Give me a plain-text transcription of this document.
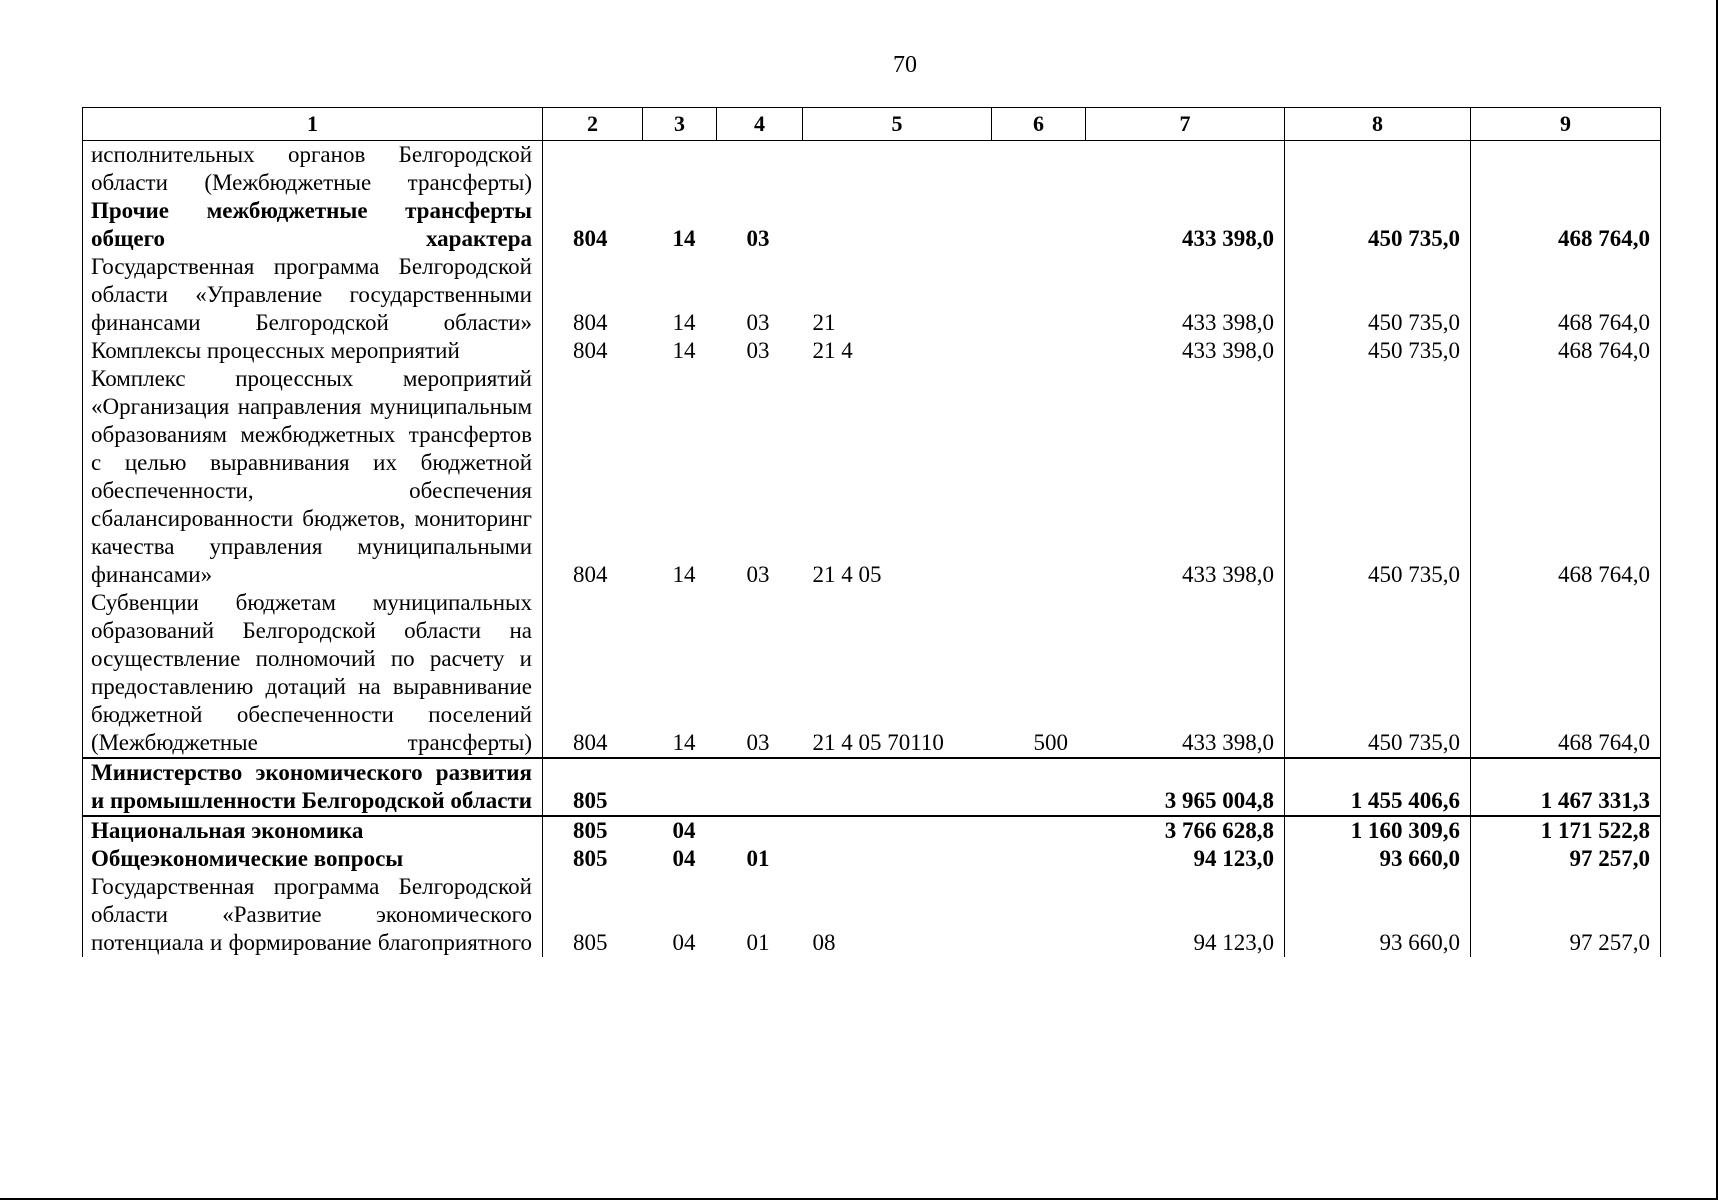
70
1	2	3	4	5	6	7	8	9
исполнительных органов Белгородской области (Межбюджетные трансферты)								
Прочие межбюджетные трансферты общего характера	804	14	03			433 398,0	450 735,0	468 764,0
Государственная программа Белгородской области «Управление государственными финансами Белгородской области»	804	14	03	21		433 398,0	450 735,0	468 764,0
Комплексы процессных мероприятий	804	14	03	21 4		433 398,0	450 735,0	468 764,0
Комплекс процессных мероприятий «Организация направления муниципальным образованиям межбюджетных трансфертов с целью выравнивания их бюджетной обеспеченности, обеспечения сбалансированности бюджетов, мониторинг качества управления муниципальными финансами»	804	14	03	21 4 05		433 398,0	450 735,0	468 764,0
Субвенции бюджетам муниципальных образований Белгородской области на осуществление полномочий по расчету и предоставлению дотаций на выравнивание бюджетной обеспеченности поселений (Межбюджетные трансферты)	804	14	03	21 4 05 70110	500	433 398,0	450 735,0	468 764,0
Министерство экономического развития и промышленности Белгородской области	805					3 965 004,8	1 455 406,6	1 467 331,3
Национальная экономика	805	04				3 766 628,8	1 160 309,6	1 171 522,8
Общеэкономические вопросы	805	04	01			94 123,0	93 660,0	97 257,0
Государственная программа Белгородской области «Развитие экономического потенциала и формирование благоприятного	805	04	01	08		94 123,0	93 660,0	97 257,0
